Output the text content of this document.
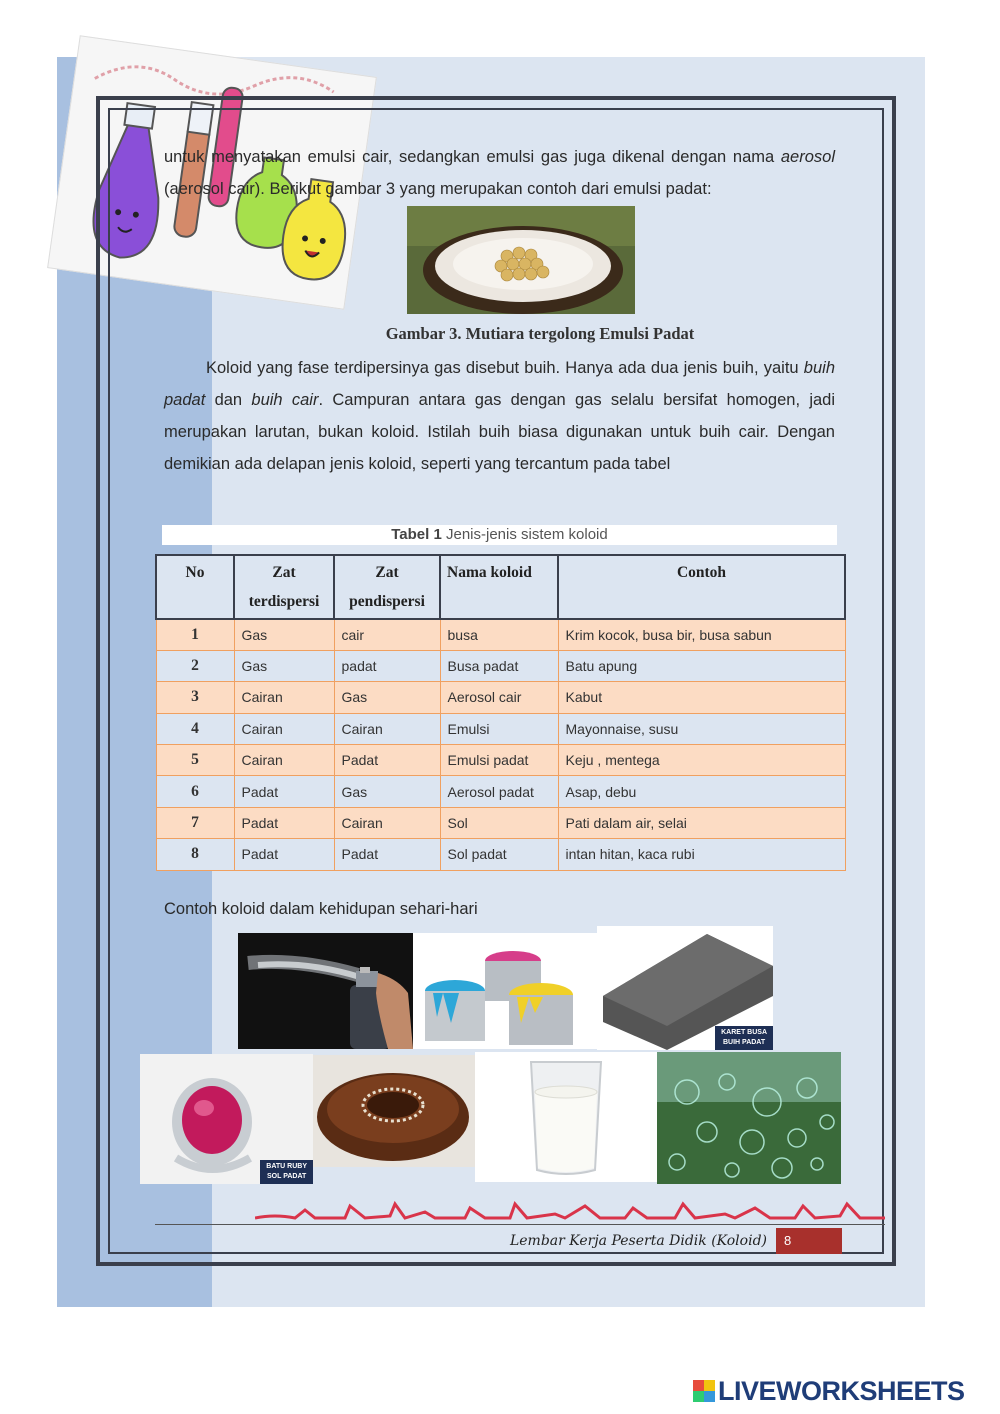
untuk menyatakan emulsi cair, sedangkan emulsi gas juga dikenal dengan nama aerosol (aerosol cair). Berikut gambar 3 yang merupakan contoh dari emulsi padat:

Gambar 3. Mutiara tergolong Emulsi Padat

Koloid yang fase terdipersinya gas disebut buih. Hanya ada dua jenis buih, yaitu buih padat dan buih cair. Campuran antara gas dengan gas selalu bersifat homogen, jadi merupakan larutan, bukan koloid. Istilah buih biasa digunakan untuk buih cair. Dengan demikian ada delapan jenis koloid, seperti yang tercantum pada tabel

Tabel 1 Jenis-jenis sistem koloid
No	Zat terdispersi	Zat pendispersi	Nama koloid	Contoh
1	Gas	cair	busa	Krim kocok, busa bir, busa sabun
2	Gas	padat	Busa padat	Batu apung
3	Cairan	Gas	Aerosol cair	Kabut
4	Cairan	Cairan	Emulsi	Mayonnaise, susu
5	Cairan	Padat	Emulsi padat	Keju , mentega
6	Padat	Gas	Aerosol padat	Asap, debu
7	Padat	Cairan	Sol	Pati dalam air, selai
8	Padat	Padat	Sol padat	intan hitan, kaca rubi
Contoh koloid dalam kehidupan sehari-hari
KARET BUSA
BUIH PADAT
BATU RUBY
SOL PADAT
Lembar Kerja Peserta Didik (Koloid)	8
LIVEWORKSHEETS
